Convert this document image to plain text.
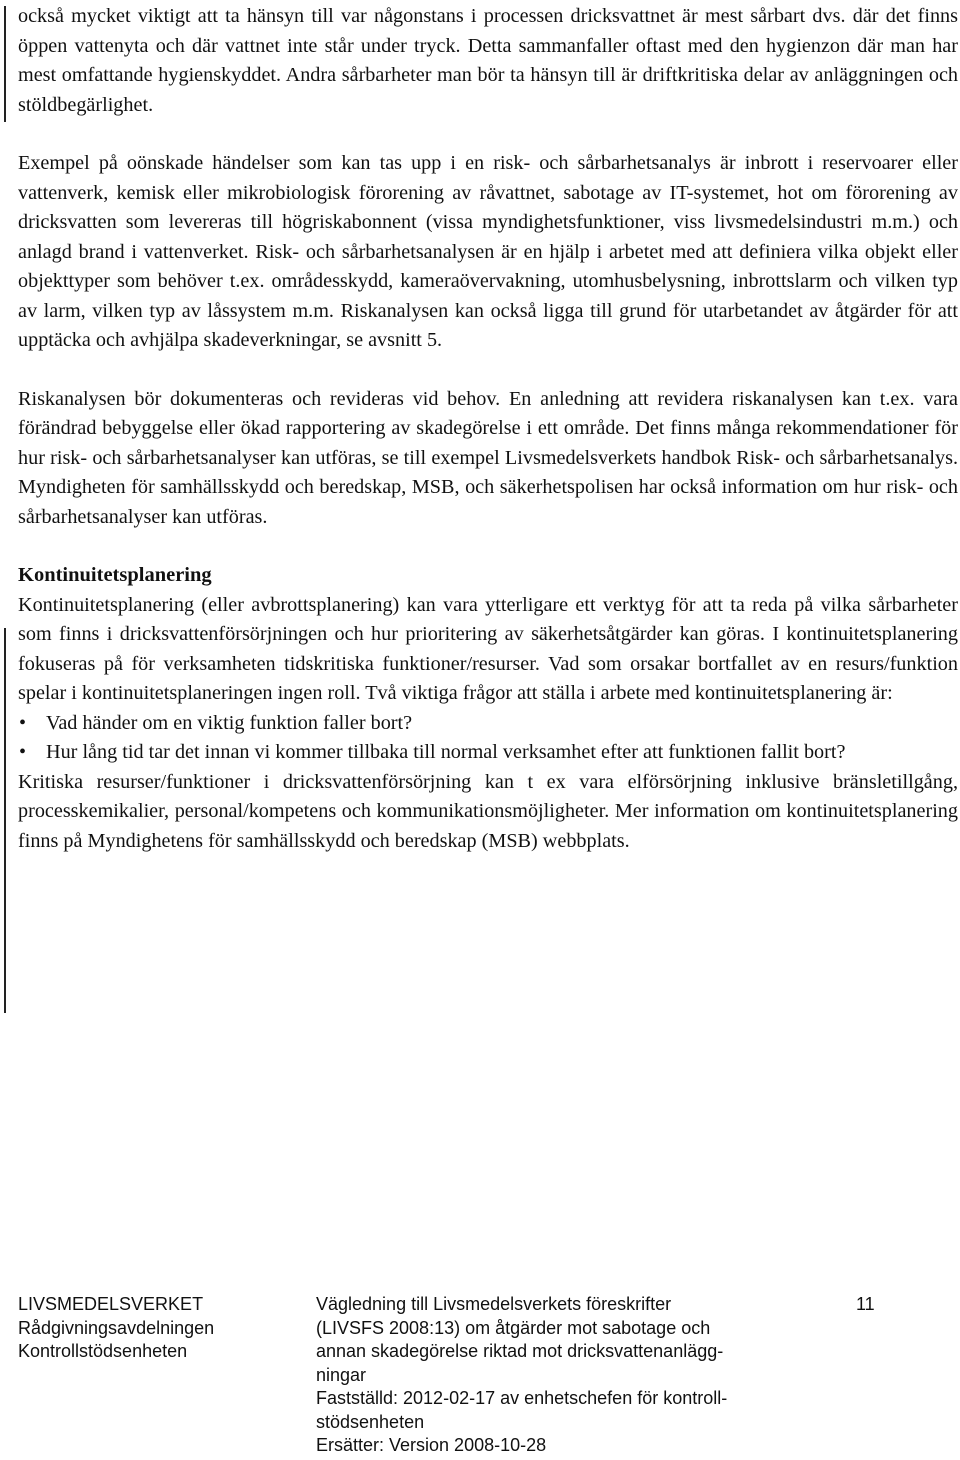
också mycket viktigt att ta hänsyn till var någonstans i processen dricksvattnet är mest sårbart dvs. där det finns öppen vattenyta och där vattnet inte står under tryck. Detta sammanfaller oftast med den hygienzon där man har mest omfattande hygienskyddet. Andra sårbarheter man bör ta hänsyn till är driftkritiska delar av anläggningen och stöldbegärlighet.

Exempel på oönskade händelser som kan tas upp i en risk- och sårbarhetsanalys är inbrott i reservoarer eller vattenverk, kemisk eller mikrobiologisk förorening av råvattnet, sabotage av IT-systemet, hot om förorening av dricksvatten som levereras till högriskabonnent (vissa myndighetsfunktioner, viss livsmedelsindustri m.m.) och anlagd brand i vattenverket. Risk- och sårbarhetsanalysen är en hjälp i arbetet med att definiera vilka objekt eller objekttyper som behöver t.ex. områdesskydd, kameraövervakning, utomhusbelysning, inbrottslarm och vilken typ av larm, vilken typ av låssystem m.m. Riskanalysen kan också ligga till grund för utarbetandet av åtgärder för att upptäcka och avhjälpa skadeverkningar, se avsnitt 5.

Riskanalysen bör dokumenteras och revideras vid behov. En anledning att revidera riskanalysen kan t.ex. vara förändrad bebyggelse eller ökad rapportering av skadegörelse i ett område. Det finns många rekommendationer för hur risk- och sårbarhetsanalyser kan utföras, se till exempel Livsmedelsverkets handbok Risk- och sårbarhetsanalys. Myndigheten för samhällsskydd och beredskap, MSB, och säkerhetspolisen har också information om hur risk- och sårbarhetsanalyser kan utföras.

Kontinuitetsplanering

Kontinuitetsplanering (eller avbrottsplanering) kan vara ytterligare ett verktyg för att ta reda på vilka sårbarheter som finns i dricksvattenförsörjningen och hur prioritering av säkerhetsåtgärder kan göras. I kontinuitetsplanering fokuseras på för verksamheten tidskritiska funktioner/resurser. Vad som orsakar bortfallet av en resurs/funktion spelar i kontinuitetsplaneringen ingen roll. Två viktiga frågor att ställa i arbete med kontinuitetsplanering är:

• Vad händer om en viktig funktion faller bort?
• Hur lång tid tar det innan vi kommer tillbaka till normal verksamhet efter att funktionen fallit bort?

Kritiska resurser/funktioner i dricksvattenförsörjning kan t ex vara elförsörjning inklusive bränsletillgång, processkemikalier, personal/kompetens och kommunikationsmöjligheter. Mer information om kontinuitetsplanering finns på Myndighetens för samhällsskydd och beredskap (MSB) webbplats.

LIVSMEDELSVERKET
Rådgivningsavdelningen
Kontrollstödsenheten
Vägledning till Livsmedelsverkets föreskrifter
(LIVSFS 2008:13) om åtgärder mot sabotage och
annan skadegörelse riktad mot dricksvattenanlägg-
ningar
Fastställd: 2012-02-17 av enhetschefen för kontroll-
stödsenheten
Ersätter: Version 2008-10-28
11
